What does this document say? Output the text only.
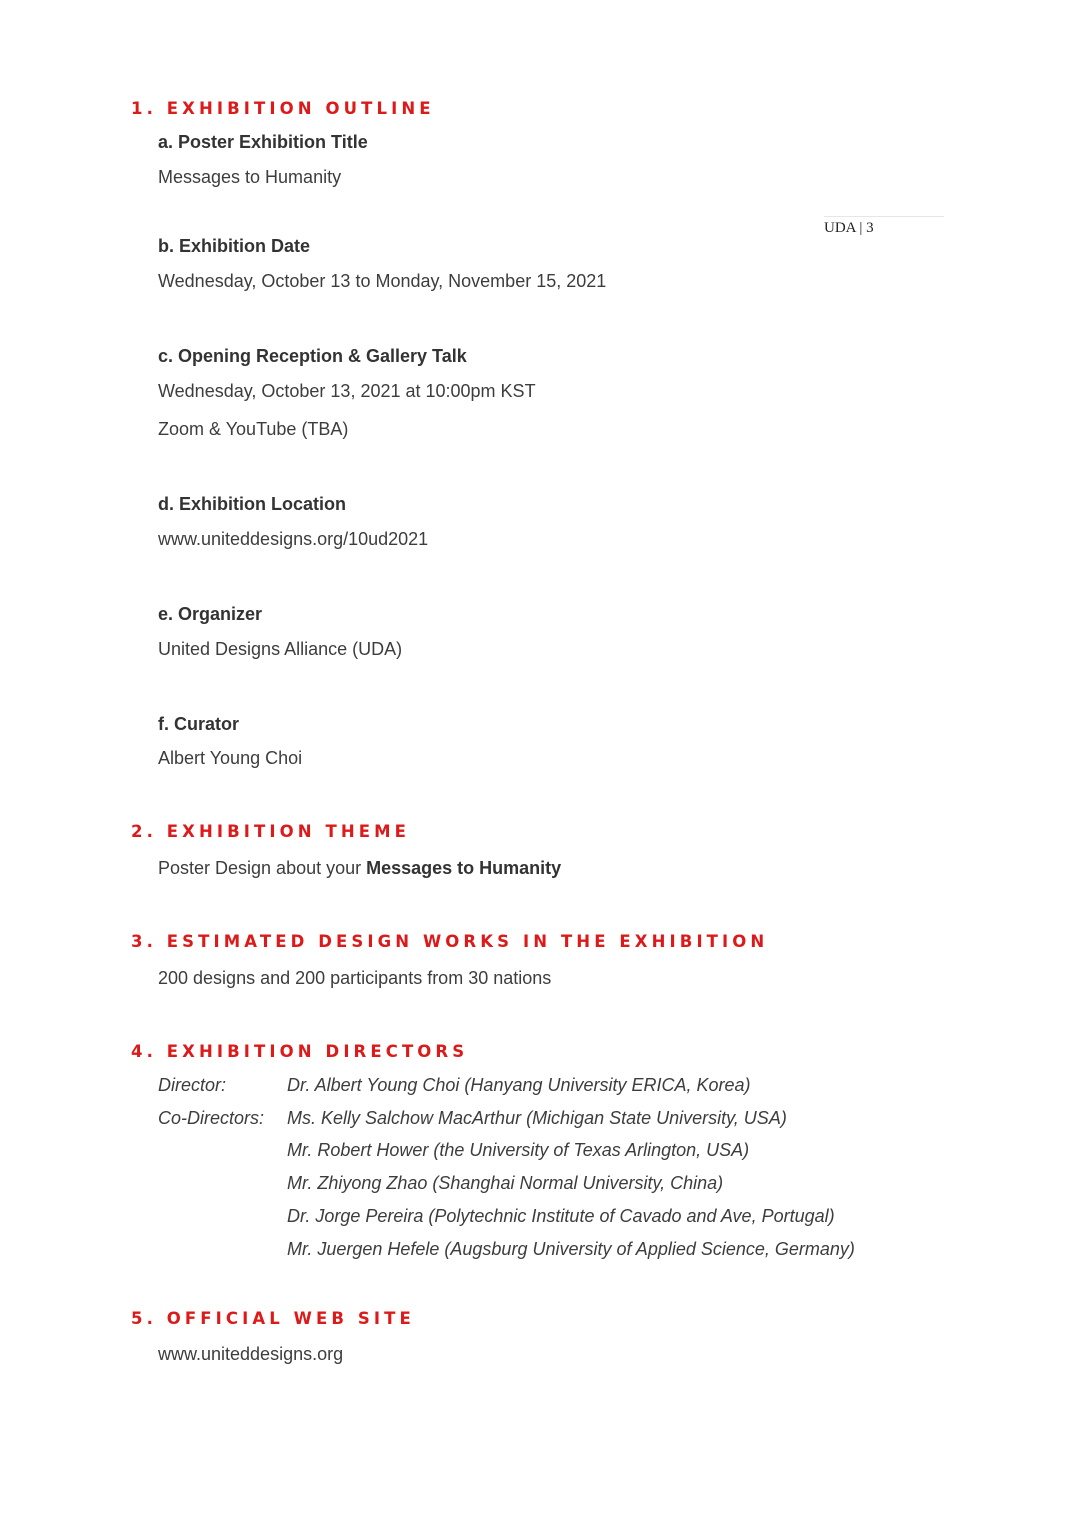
UDA | 3
1. EXHIBITION OUTLINE
a. Poster Exhibition Title
Messages to Humanity
b. Exhibition Date
Wednesday, October 13 to Monday, November 15, 2021
c. Opening Reception & Gallery Talk
Wednesday, October 13, 2021 at 10:00pm KST
Zoom & YouTube (TBA)
d. Exhibition Location
www.uniteddesigns.org/10ud2021
e. Organizer
United Designs Alliance (UDA)
f. Curator
Albert Young Choi
2. EXHIBITION THEME
Poster Design about your Messages to Humanity
3. ESTIMATED DESIGN WORKS IN THE EXHIBITION
200 designs and 200 participants from 30 nations
4. EXHIBITION DIRECTORS
Director:	Dr. Albert Young Choi (Hanyang University ERICA, Korea)
Co-Directors: Ms. Kelly Salchow MacArthur (Michigan State University, USA)
Mr. Robert Hower (the University of Texas Arlington, USA)
Mr. Zhiyong Zhao (Shanghai Normal University, China)
Dr. Jorge Pereira (Polytechnic Institute of Cavado and Ave, Portugal)
Mr. Juergen Hefele (Augsburg University of Applied Science, Germany)
5. OFFICIAL WEB SITE
www.uniteddesigns.org
